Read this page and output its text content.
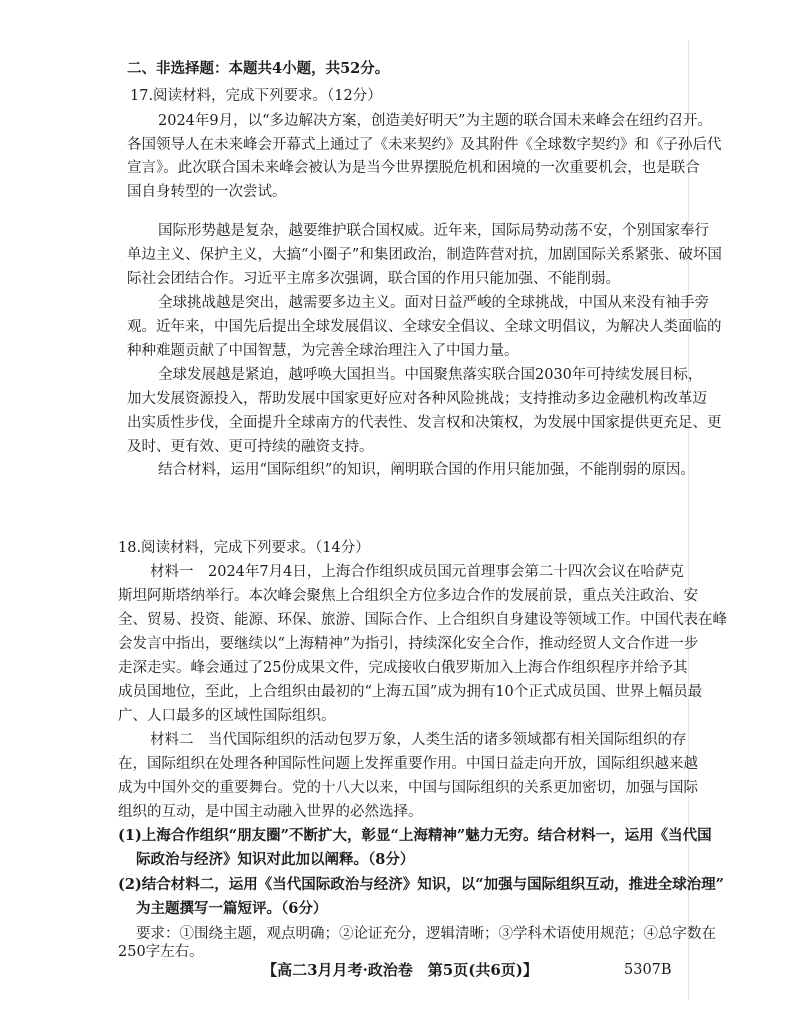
二、非选择题：本题共4小题，共52分。

17.阅读材料，完成下列要求。（12分）

2024年9月，以“多边解决方案，创造美好明天”为主题的联合国未来峰会在纽约召开。

各国领导人在未来峰会开幕式上通过了《未来契约》及其附件《全球数字契约》和《子孙后代

宣言》。此次联合国未来峰会被认为是当今世界摆脱危机和困境的一次重要机会，也是联合

国自身转型的一次尝试。

国际形势越是复杂，越要维护联合国权威。近年来，国际局势动荡不安，个别国家奉行

单边主义、保护主义，大搞“小圈子”和集团政治，制造阵营对抗，加剧国际关系紧张、破坏国

际社会团结合作。习近平主席多次强调，联合国的作用只能加强、不能削弱。

全球挑战越是突出，越需要多边主义。面对日益严峻的全球挑战，中国从来没有袖手旁

观。近年来，中国先后提出全球发展倡议、全球安全倡议、全球文明倡议，为解决人类面临的

种种难题贡献了中国智慧，为完善全球治理注入了中国力量。

全球发展越是紧迫，越呼唤大国担当。中国聚焦落实联合国2030年可持续发展目标，

加大发展资源投入，帮助发展中国家更好应对各种风险挑战；支持推动多边金融机构改革迈

出实质性步伐，全面提升全球南方的代表性、发言权和决策权，为发展中国家提供更充足、更

及时、更有效、更可持续的融资支持。

结合材料，运用“国际组织”的知识，阐明联合国的作用只能加强，不能削弱的原因。

18.阅读材料，完成下列要求。（14分）

材料一　2024年7月4日，上海合作组织成员国元首理事会第二十四次会议在哈萨克

斯坦阿斯塔纳举行。本次峰会聚焦上合组织全方位多边合作的发展前景，重点关注政治、安

全、贸易、投资、能源、环保、旅游、国际合作、上合组织自身建设等领域工作。中国代表在峰

会发言中指出，要继续以“上海精神”为指引，持续深化安全合作，推动经贸人文合作进一步

走深走实。峰会通过了25份成果文件，完成接收白俄罗斯加入上海合作组织程序并给予其

成员国地位，至此，上合组织由最初的“上海五国”成为拥有10个正式成员国、世界上幅员最

广、人口最多的区域性国际组织。

材料二　当代国际组织的活动包罗万象，人类生活的诸多领域都有相关国际组织的存

在，国际组织在处理各种国际性问题上发挥重要作用。中国日益走向开放，国际组织越来越

成为中国外交的重要舞台。党的十八大以来，中国与国际组织的关系更加密切，加强与国际

组织的互动，是中国主动融入世界的必然选择。

(1)上海合作组织“朋友圈”不断扩大，彰显“上海精神”魅力无穷。结合材料一，运用《当代国

际政治与经济》知识对此加以阐释。（8分）

(2)结合材料二，运用《当代国际政治与经济》知识，以“加强与国际组织互动，推进全球治理”

为主题撰写一篇短评。（6分）

要求：①围绕主题，观点明确；②论证充分，逻辑清晰；③学科术语使用规范；④总字数在

250字左右。

【高二3月月考·政治卷　第5页(共6页)】	5307B
